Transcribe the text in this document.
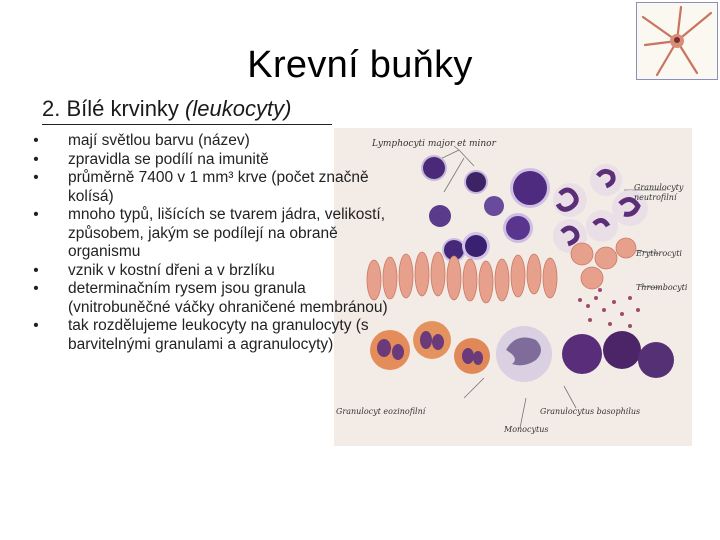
Krevní buňky
2. Bílé krvinky (leukocyty)
Lymphocyti major et minor
Granulocyty
neutrofilní
Erythrocyti
Thrombocyti
Granulocyt eozinofilní	Granulocytus basophilus
Monocytus
• mají světlou barvu (název)
• zpravidla se podílí na imunitě
• průměrně 7400 v 1 mm³ krve (počet značně kolísá)
• mnoho typů, lišících se tvarem jádra, velikostí, způsobem, jakým se podílejí na obraně organismu
• vznik v kostní dřeni a v brzlíku
• determinačním rysem jsou granula (vnitrobuněčné váčky ohraničené membránou)
• tak rozdělujeme leukocyty na granulocyty (s barvitelnými granulami a agranulocyty)
